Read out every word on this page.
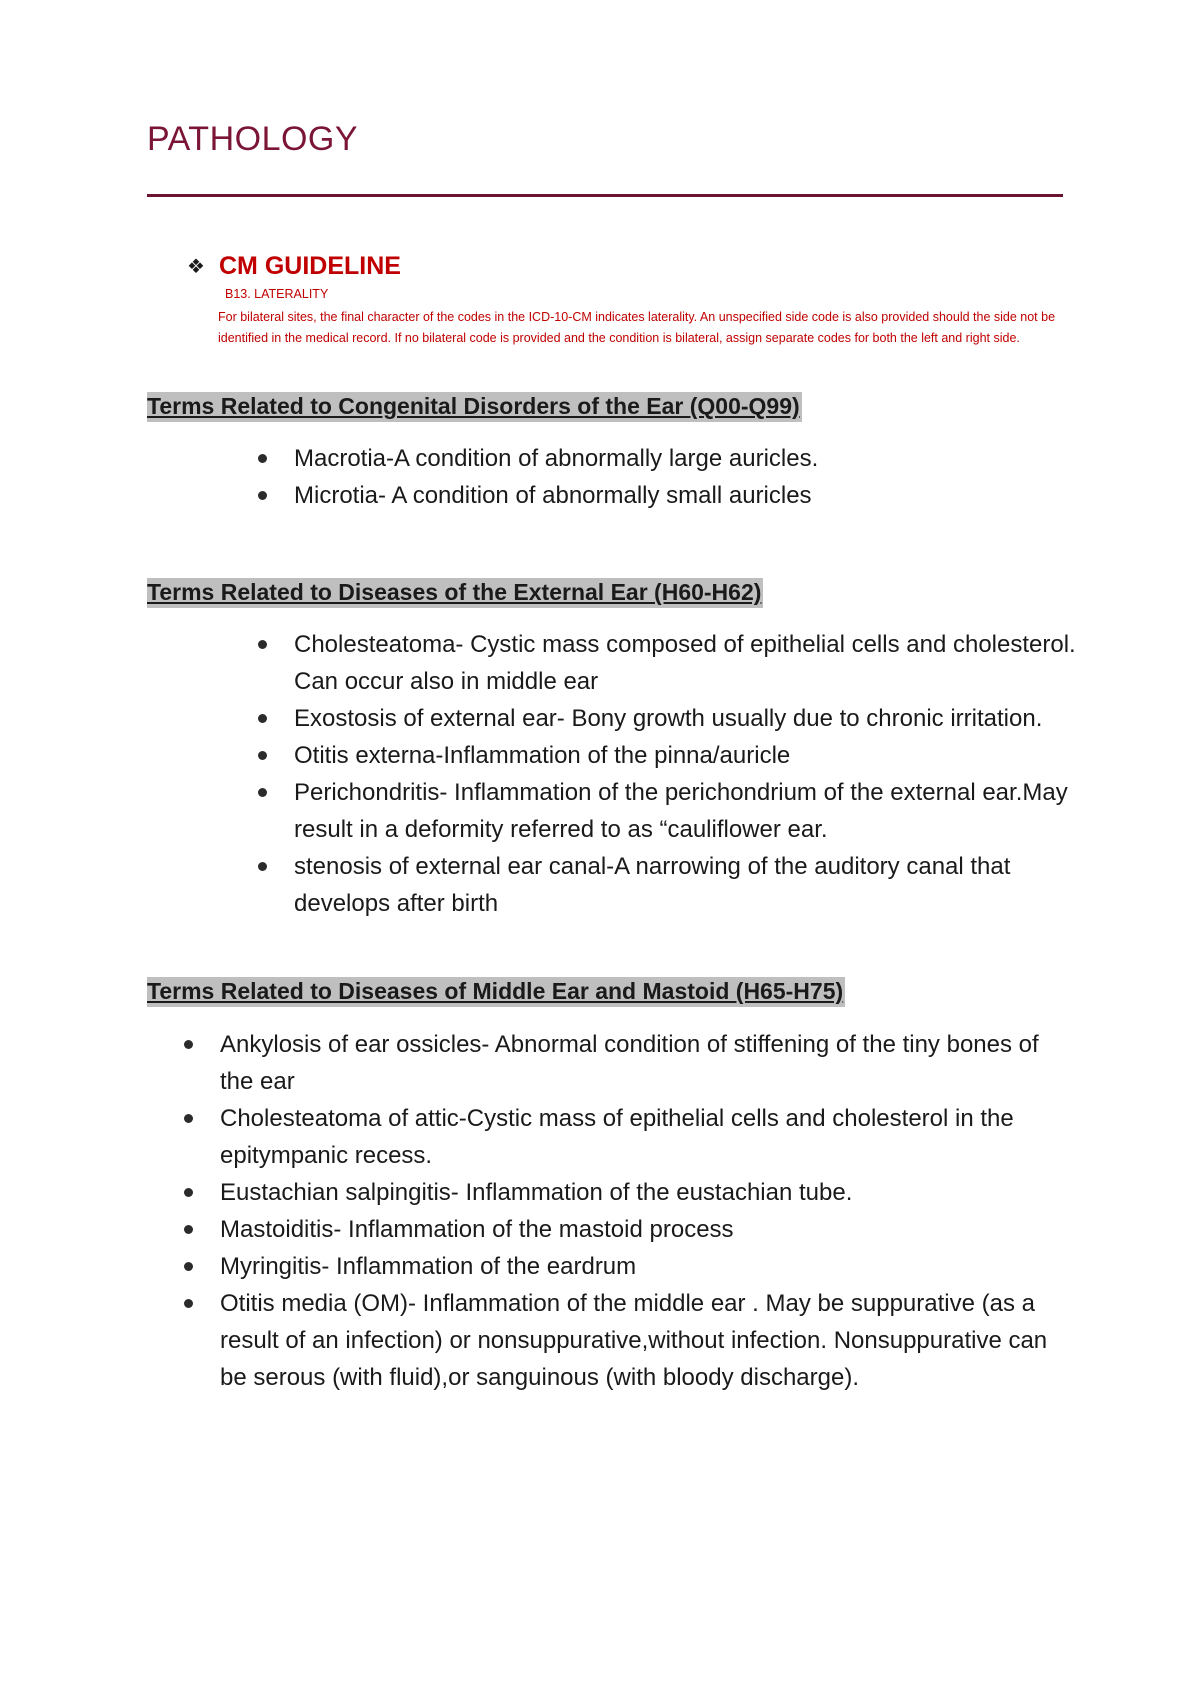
PATHOLOGY
❖ CM GUIDELINE
B13. LATERALITY
For bilateral sites, the final character of the codes in the ICD-10-CM indicates laterality. An unspecified side code is also provided should the side not be identified in the medical record. If no bilateral code is provided and the condition is bilateral, assign separate codes for both the left and right side.
Terms Related to Congenital Disorders of the Ear (Q00-Q99)
Macrotia-A condition of abnormally large auricles.
Microtia- A condition of abnormally small auricles
Terms Related to Diseases of the External Ear (H60-H62)
Cholesteatoma- Cystic mass composed of epithelial cells and cholesterol. Can occur also in middle ear
Exostosis of external ear- Bony growth usually due to chronic irritation.
Otitis externa-Inflammation of the pinna/auricle
Perichondritis- Inflammation of the perichondrium of the external ear.May result in a deformity referred to as “cauliflower ear.
stenosis of external ear canal-A narrowing of the auditory canal that develops after birth
Terms Related to Diseases of Middle Ear and Mastoid (H65-H75)
Ankylosis of ear ossicles- Abnormal condition of stiffening of the tiny bones of the ear
Cholesteatoma of attic-Cystic mass of epithelial cells and cholesterol in the epitympanic recess.
Eustachian salpingitis- Inflammation of the eustachian tube.
Mastoiditis- Inflammation of the mastoid process
Myringitis- Inflammation of the eardrum
Otitis media (OM)- Inflammation of the middle ear . May be suppurative (as a result of an infection) or nonsuppurative,without infection. Nonsuppurative can be serous (with fluid),or sanguinous (with bloody discharge).
